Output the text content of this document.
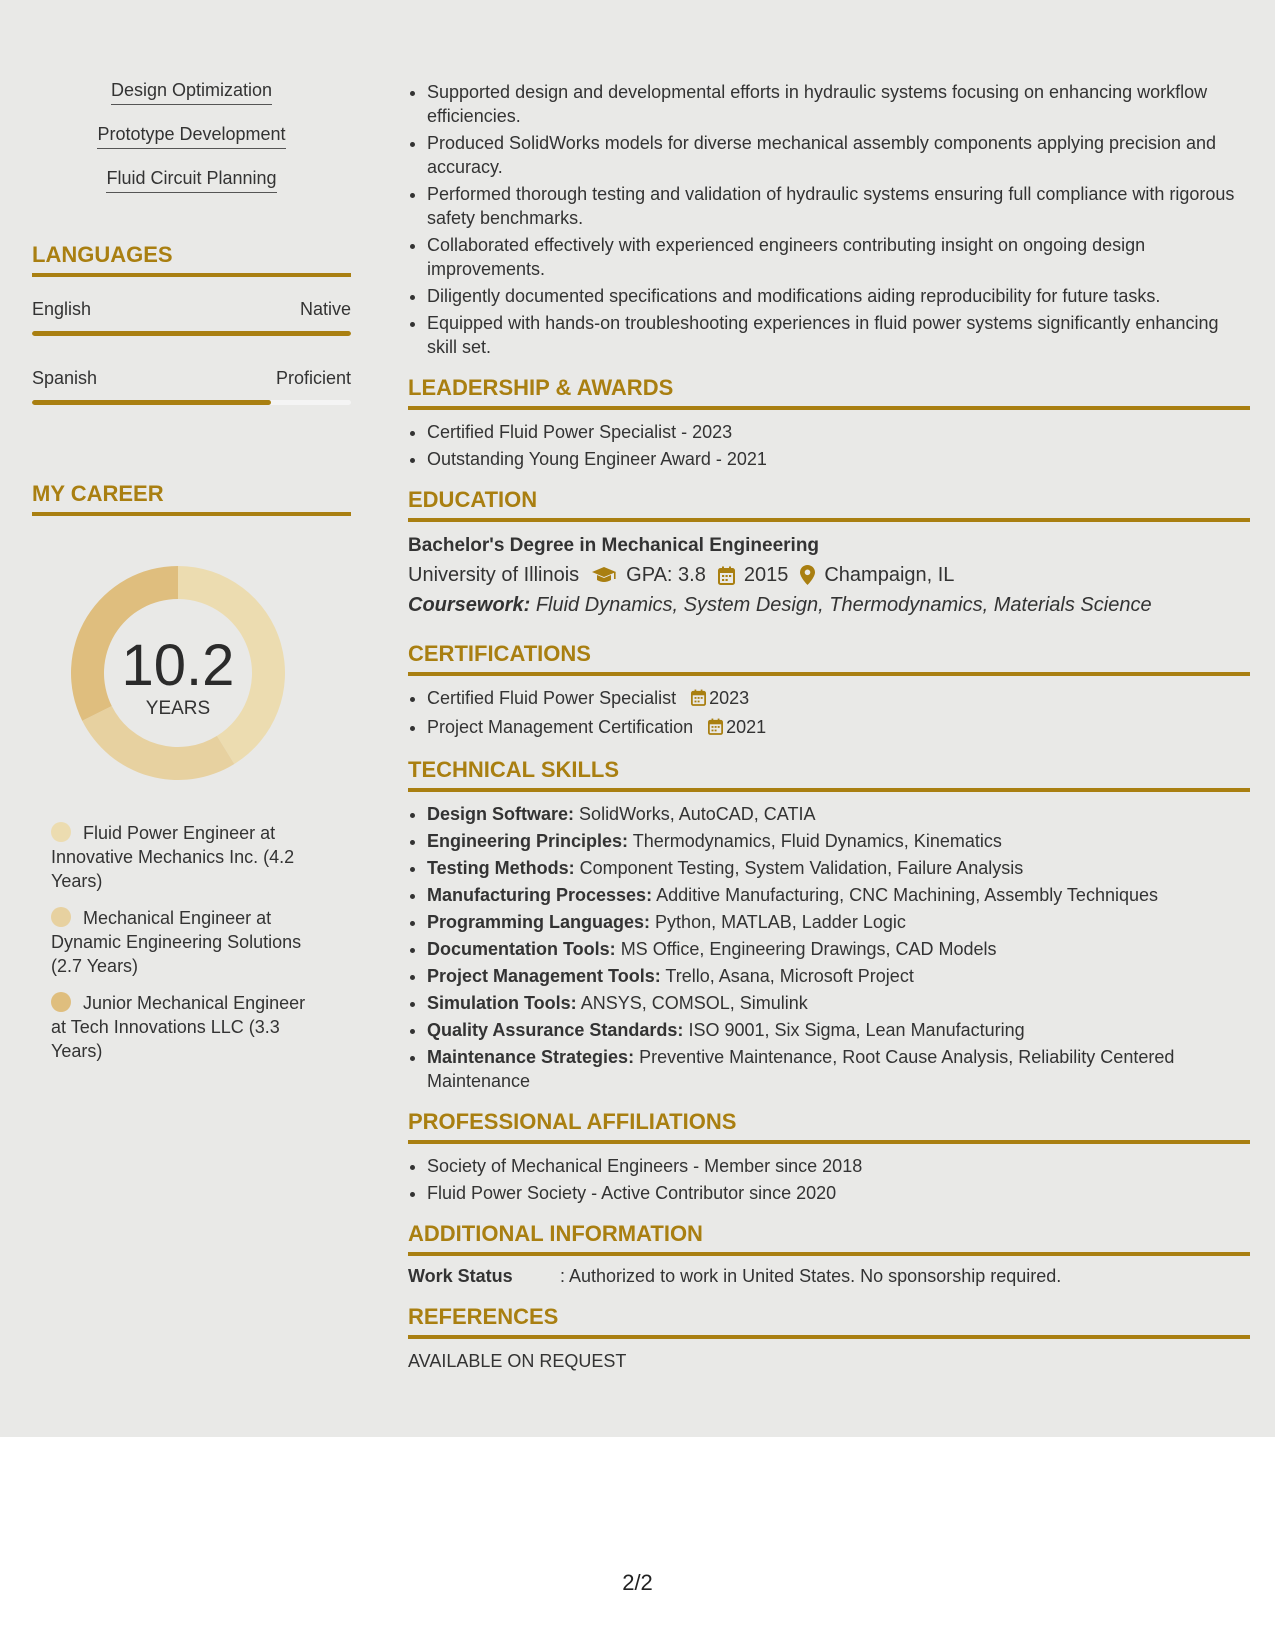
Design Optimization
Prototype Development
Fluid Circuit Planning
LANGUAGES
English	Native
Spanish	Proficient
MY CAREER
10.2
YEARS
Fluid Power Engineer at Innovative Mechanics Inc. (4.2 Years)
Mechanical Engineer at Dynamic Engineering Solutions (2.7 Years)
Junior Mechanical Engineer at Tech Innovations LLC (3.3 Years)
• Supported design and developmental efforts in hydraulic systems focusing on enhancing workflow efficiencies.
• Produced SolidWorks models for diverse mechanical assembly components applying precision and accuracy.
• Performed thorough testing and validation of hydraulic systems ensuring full compliance with rigorous safety benchmarks.
• Collaborated effectively with experienced engineers contributing insight on ongoing design improvements.
• Diligently documented specifications and modifications aiding reproducibility for future tasks.
• Equipped with hands-on troubleshooting experiences in fluid power systems significantly enhancing skill set.
LEADERSHIP & AWARDS
• Certified Fluid Power Specialist - 2023
• Outstanding Young Engineer Award - 2021
EDUCATION
Bachelor's Degree in Mechanical Engineering
University of Illinois GPA: 3.8 2015 Champaign, IL
Coursework: Fluid Dynamics, System Design, Thermodynamics, Materials Science
CERTIFICATIONS
• Certified Fluid Power Specialist 2023
• Project Management Certification 2021
TECHNICAL SKILLS
• Design Software: SolidWorks, AutoCAD, CATIA
• Engineering Principles: Thermodynamics, Fluid Dynamics, Kinematics
• Testing Methods: Component Testing, System Validation, Failure Analysis
• Manufacturing Processes: Additive Manufacturing, CNC Machining, Assembly Techniques
• Programming Languages: Python, MATLAB, Ladder Logic
• Documentation Tools: MS Office, Engineering Drawings, CAD Models
• Project Management Tools: Trello, Asana, Microsoft Project
• Simulation Tools: ANSYS, COMSOL, Simulink
• Quality Assurance Standards: ISO 9001, Six Sigma, Lean Manufacturing
• Maintenance Strategies: Preventive Maintenance, Root Cause Analysis, Reliability Centered Maintenance
PROFESSIONAL AFFILIATIONS
• Society of Mechanical Engineers - Member since 2018
• Fluid Power Society - Active Contributor since 2020
ADDITIONAL INFORMATION
Work Status	: Authorized to work in United States. No sponsorship required.
REFERENCES
AVAILABLE ON REQUEST
2/2
